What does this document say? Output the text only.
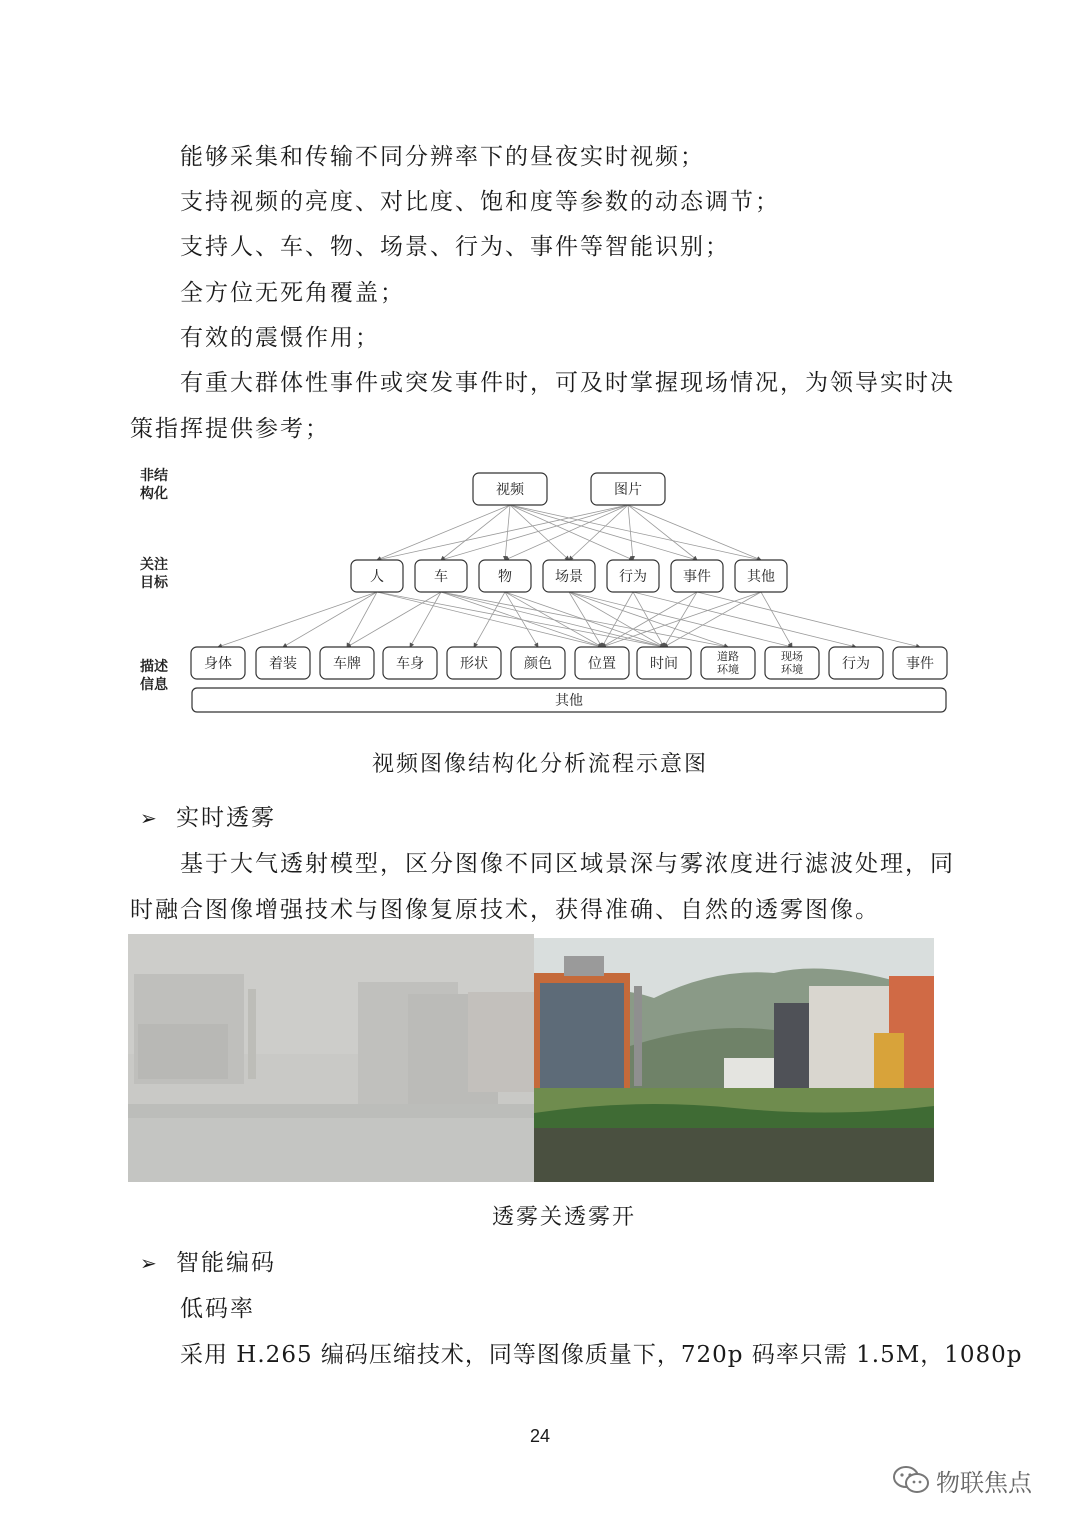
能够采集和传输不同分辨率下的昼夜实时视频；
支持视频的亮度、对比度、饱和度等参数的动态调节；
支持人、车、物、场景、行为、事件等智能识别；
全方位无死角覆盖；
有效的震慑作用；
有重大群体性事件或突发事件时，可及时掌握现场情况，为领导实时决
策指挥提供参考；
非结
构化
关注
目标
描述
信息
视频	图片
人	车	物	场景	行为	事件	其他
身体	着装	车牌	车身	形状	颜色	位置 时间	道路
环境
现场
环境	行为	事件
其他
视频图像结构化分析流程示意图
➢ 实时透雾
基于大气透射模型，区分图像不同区域景深与雾浓度进行滤波处理，同
时融合图像增强技术与图像复原技术，获得准确、自然的透雾图像。
透雾关透雾开
➢ 智能编码
低码率
采用 H.265 编码压缩技术，同等图像质量下，720p 码率只需 1.5M，1080p
24
物联焦点
